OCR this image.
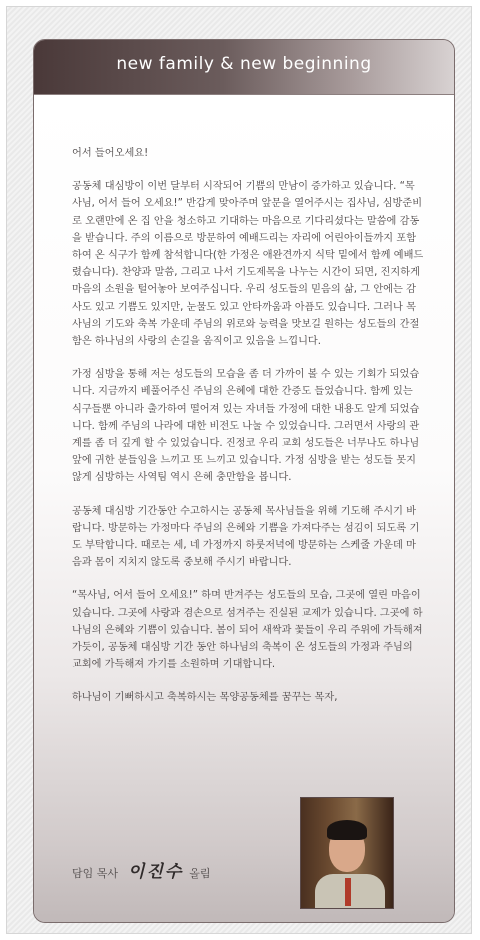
new family & new beginning

어서 들어오세요!

공동체 대심방이 이번 달부터 시작되어 기쁨의 만남이 증가하고 있습니다. “목사님, 어서 들어 오세요!” 반갑게 맞아주며 앞문을 열어주시는 집사님, 심방준비로 오랜만에 온 집 안을 청소하고 기대하는 마음으로 기다리셨다는 말씀에 감동을 받습니다. 주의 이름으로 방문하여 예배드리는 자리에 어린아이들까지 포함하여 온 식구가 함께 참석합니다(한 가정은 애완견까지 식탁 밑에서 함께 예배드렸습니다). 찬양과 말씀, 그리고 나서 기도제목을 나누는 시간이 되면, 진지하게 마음의 소원을 털어놓아 보여주십니다. 우리 성도들의 믿음의 삶, 그 안에는 감사도 있고 기쁨도 있지만, 눈물도 있고 안타까움과 아픔도 있습니다. 그러나 목사님의 기도와 축복 가운데 주님의 위로와 능력을 맛보길 원하는 성도들의 간절함은 하나님의 사랑의 손길을 움직이고 있음을 느낍니다.

가정 심방을 통해 저는 성도들의 모습을 좀 더 가까이 볼 수 있는 기회가 되었습니다. 지금까지 베풀어주신 주님의 은혜에 대한 간증도 들었습니다. 함께 있는 식구들뿐 아니라 출가하여 떨어져 있는 자녀들 가정에 대한 내용도 알게 되었습니다. 함께 주님의 나라에 대한 비전도 나눌 수 있었습니다. 그러면서 사랑의 관계를 좀 더 깊게 할 수 있었습니다. 진정코 우리 교회 성도들은 너무나도 하나님 앞에 귀한 분들임을 느끼고 또 느끼고 있습니다. 가정 심방을 받는 성도들 못지않게 심방하는 사역팀 역시 은혜 충만함을 봅니다.

공동체 대심방 기간동안 수고하시는 공동체 목사님들을 위해 기도해 주시기 바랍니다. 방문하는 가정마다 주님의 은혜와 기쁨을 가져다주는 섬김이 되도록 기도 부탁합니다. 때로는 세, 네 가정까지 하룻저녁에 방문하는 스케줄 가운데 마음과 몸이 지치지 않도록 중보해 주시기 바랍니다.

“목사님, 어서 들어 오세요!” 하며 반겨주는 성도들의 모습, 그곳에 열린 마음이 있습니다. 그곳에 사랑과 겸손으로 섬겨주는 진실된 교제가 있습니다. 그곳에 하나님의 은혜와 기쁨이 있습니다. 봄이 되어 새싹과 꽃들이 우리 주위에 가득해져 가듯이, 공동체 대심방 기간 동안 하나님의 축복이 온 성도들의 가정과 주님의 교회에 가득해져 가기를 소원하며 기대합니다.

하나님이 기뻐하시고 축복하시는 목양공동체를 꿈꾸는 목자,

담임 목사 이진수 올림
